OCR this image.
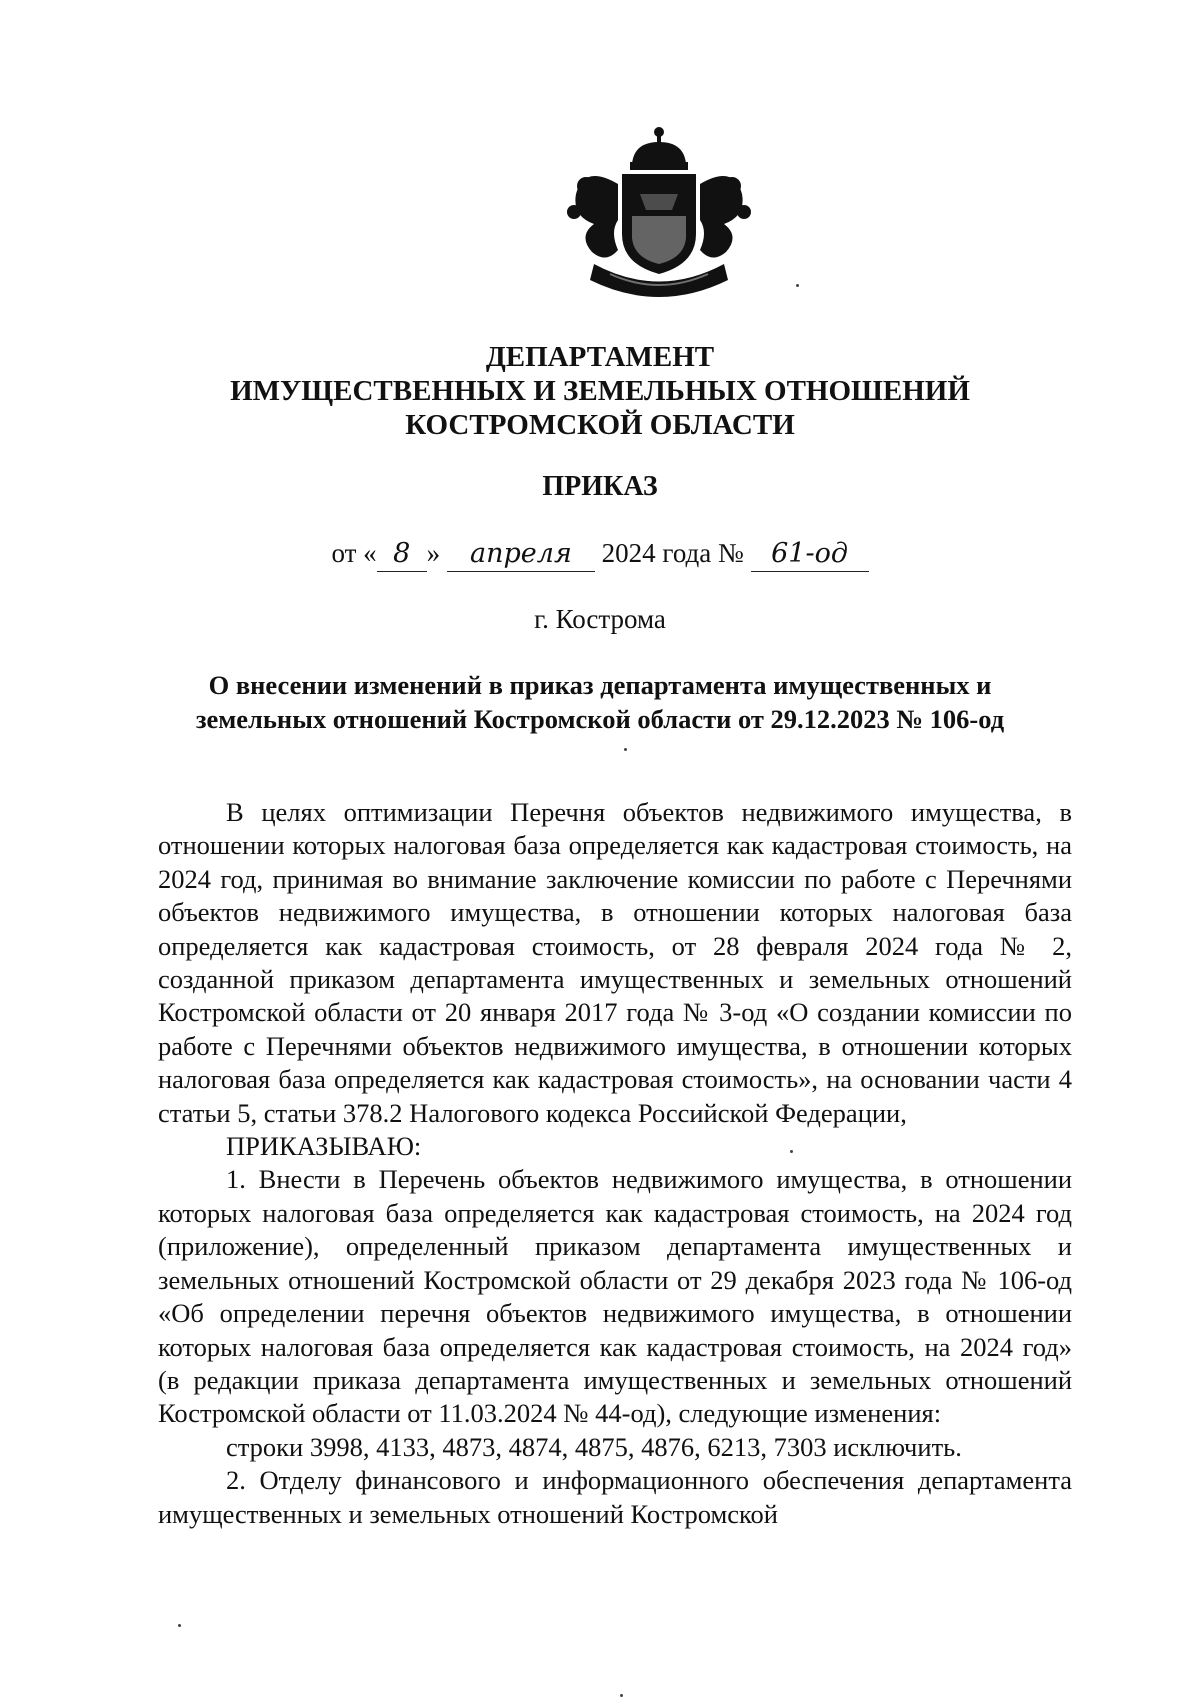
ДЕПАРТАМЕНТ
ИМУЩЕСТВЕННЫХ И ЗЕМЕЛЬНЫХ ОТНОШЕНИЙ
КОСТРОМСКОЙ ОБЛАСТИ
ПРИКАЗ
от « 8 » апреля 2024 года № 61-од
г. Кострома
О внесении изменений в приказ департамента имущественных и
земельных отношений Костромской области от 29.12.2023 № 106-од

В целях оптимизации Перечня объектов недвижимого имущества, в отношении которых налоговая база определяется как кадастровая стоимость, на 2024 год, принимая во внимание заключение комиссии по работе с Перечнями объектов недвижимого имущества, в отношении которых налоговая база определяется как кадастровая стоимость, от 28 февраля 2024 года № 2, созданной приказом департамента имущественных и земельных отношений Костромской области от 20 января 2017 года № 3-од «О создании комиссии по работе с Перечнями объектов недвижимого имущества, в отношении которых налоговая база определяется как кадастровая стоимость», на основании части 4 статьи 5, статьи 378.2 Налогового кодекса Российской Федерации,

ПРИКАЗЫВАЮ:

1. Внести в Перечень объектов недвижимого имущества, в отношении которых налоговая база определяется как кадастровая стоимость, на 2024 год (приложение), определенный приказом департамента имущественных и земельных отношений Костромской области от 29 декабря 2023 года № 106-од «Об определении перечня объектов недвижимого имущества, в отношении которых налоговая база определяется как кадастровая стоимость, на 2024 год» (в редакции приказа департамента имущественных и земельных отношений Костромской области от 11.03.2024 № 44-од), следующие изменения:

строки 3998, 4133, 4873, 4874, 4875, 4876, 6213, 7303 исключить.

2. Отделу финансового и информационного обеспечения департамента имущественных и земельных отношений Костромской
